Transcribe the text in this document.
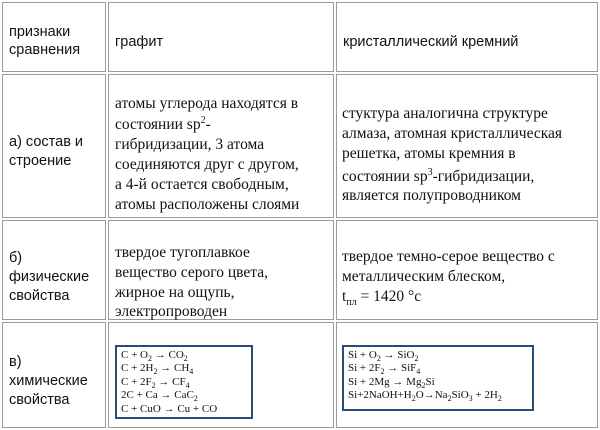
признаки
сравнения графит	кристаллический кремний
а) состав и
строение
атомы углерода находятся в
состоянии $sp^2-$
гибридизации, 3 атома
соединяются друг с другом,
а 4-й остается свободным,
атомы расположены слоями
стуктура аналогична структуре
алмаза, атомная кристаллическая
решетка, атомы кремния в
состоянии $sp^3$-гибридизации,
является полупроводником
б)
физические
свойства
твердое тугоплавкое
вещество серого цвета,
жирное на ощупь,
электропроводен
твердое темно-серое вещество с
металлическим блеском,
$t_{пл} = 1420$ °с
в)
химические
свойства
$C + O_2 \to CO_2$
$C + 2H_2 \to CH_4$
$C + 2F_2 \to CF_4$
2C + Ca → CaC$_2$
C + CuO → Cu + CO
$Si + O_2 \to SiO_2$
$Si + 2F_2 \to SiF_4$
$Si + 2Mg \to Mg_2Si$
$Si+2NaOH+H_2O\to Na_2SiO_3 + 2H_2$
